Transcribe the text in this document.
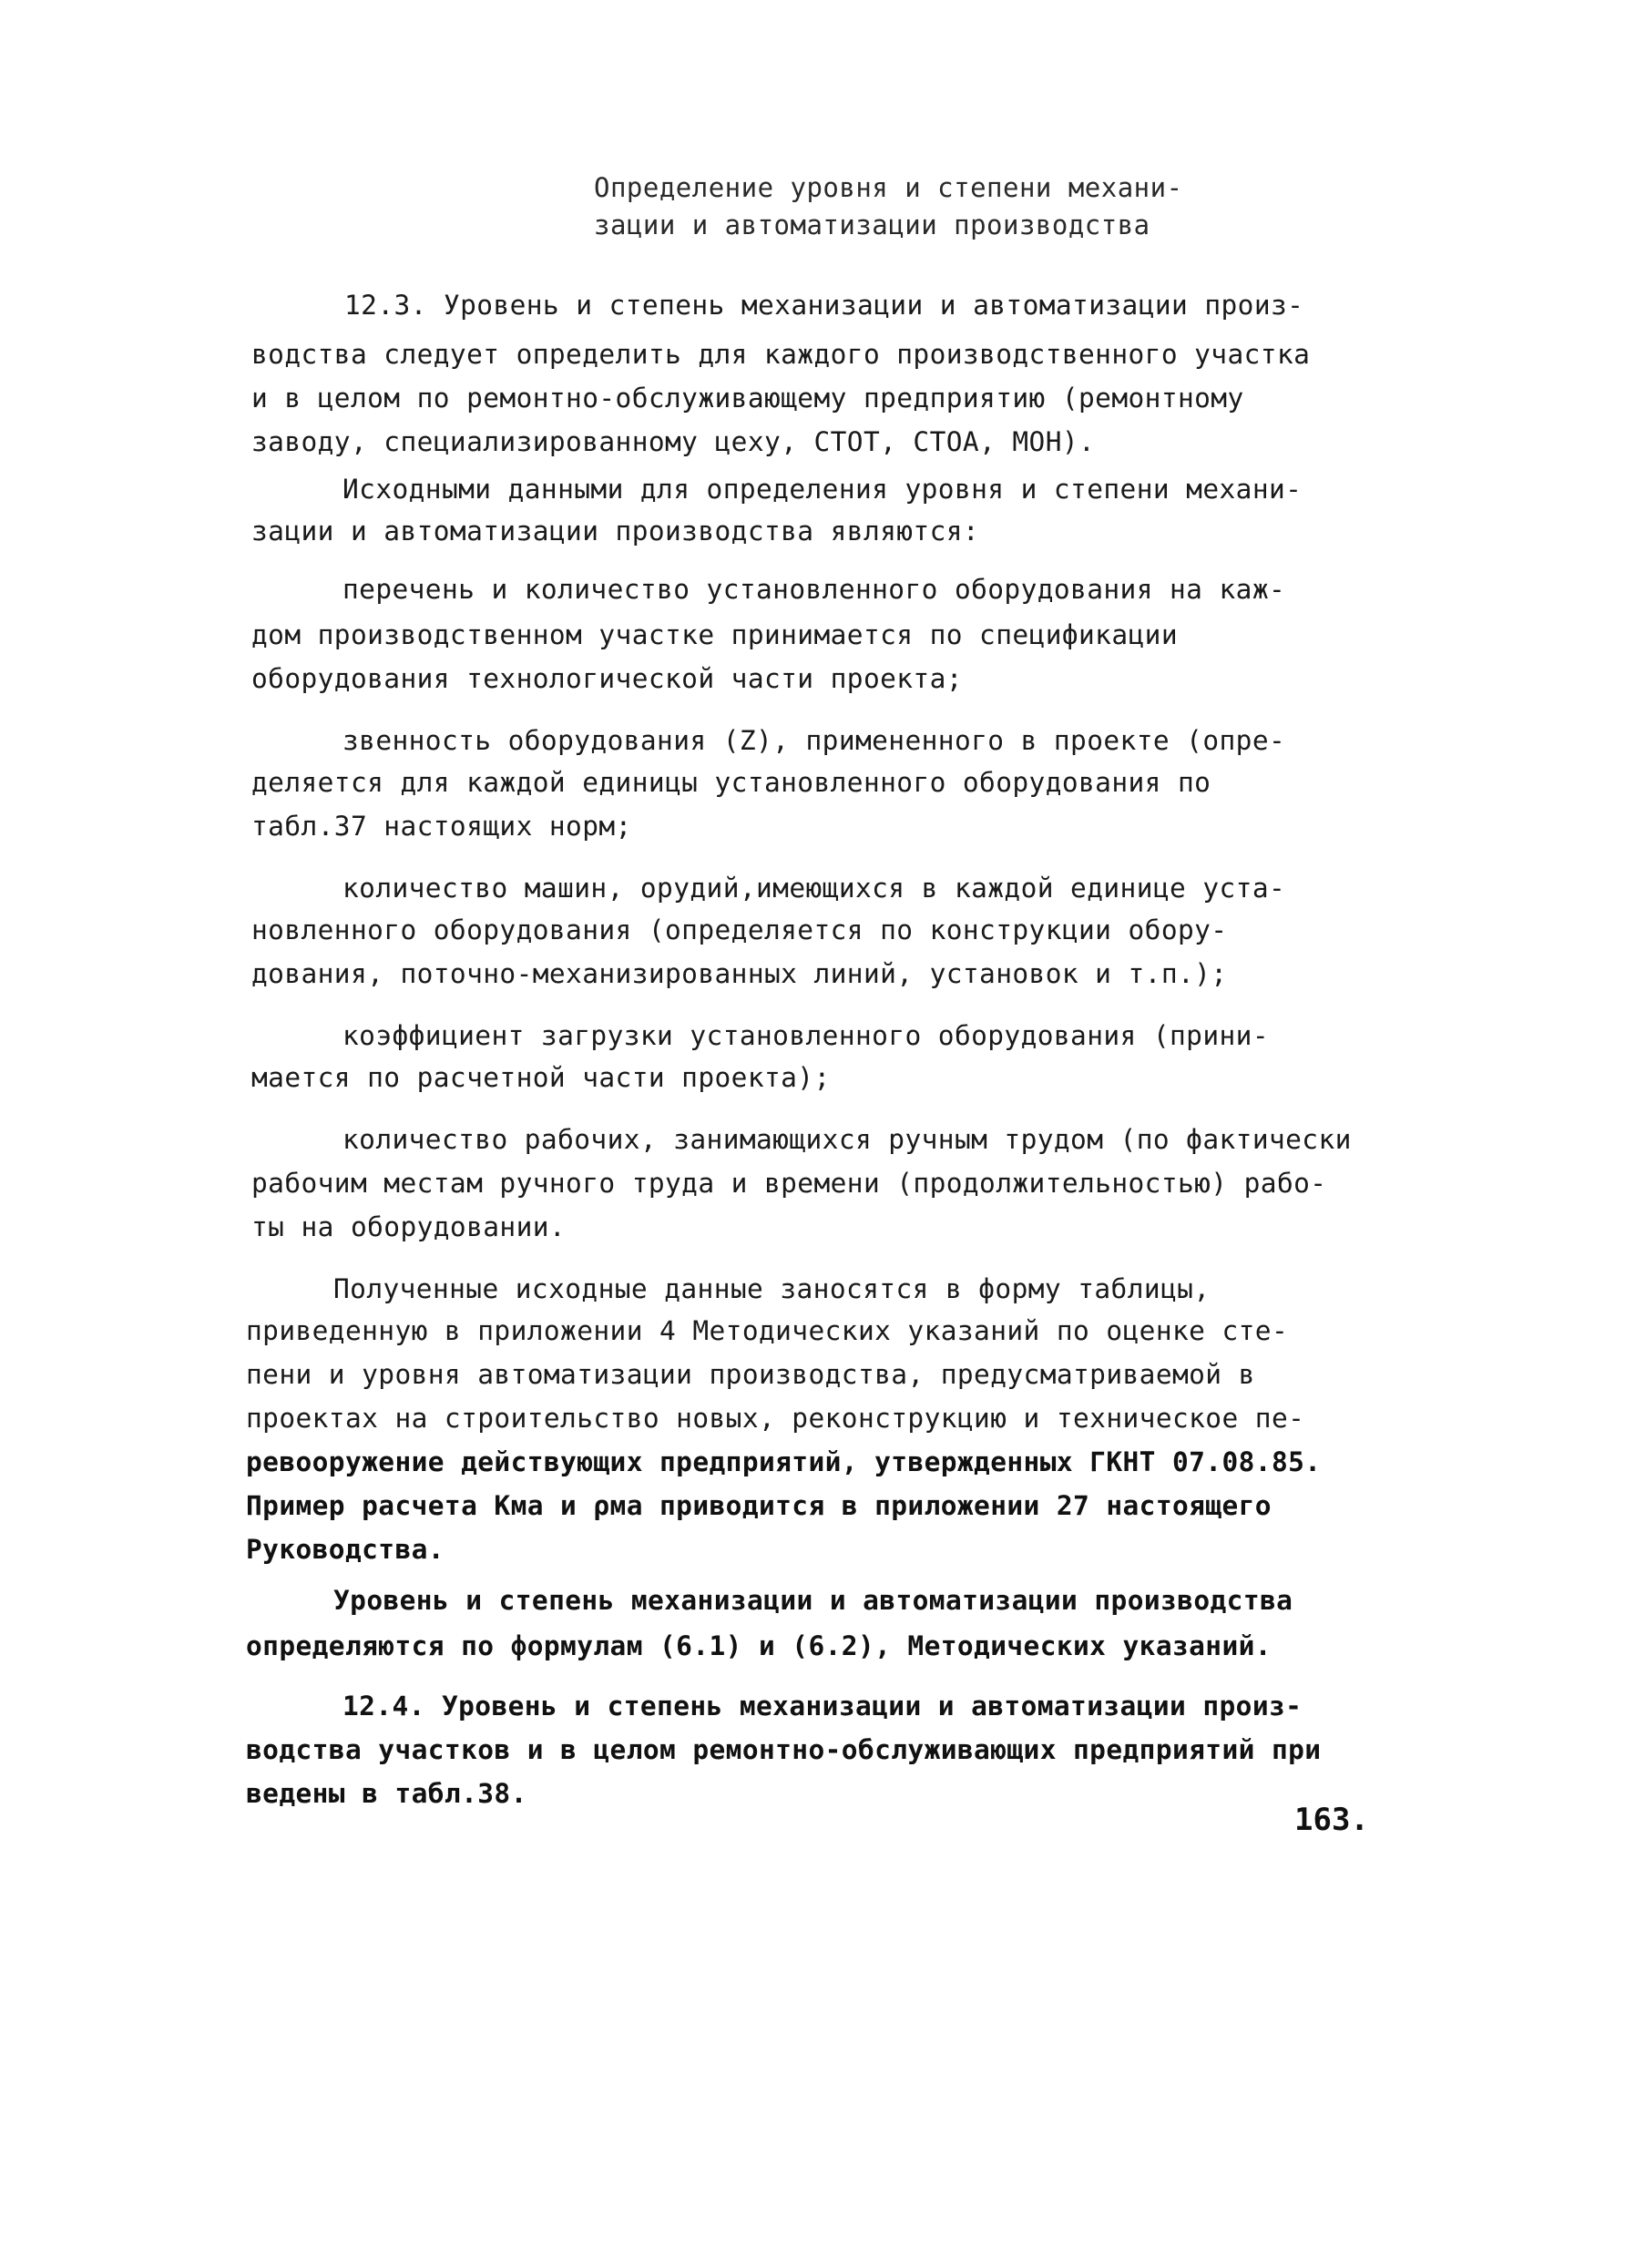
Определение уровня и степени механи-
зации и автоматизации производства
12.3. Уровень и степень механизации и автоматизации произ-
водства следует определить для каждого производственного участка
и в целом по ремонтно-обслуживающему предприятию (ремонтному
заводу, специализированному цеху, СТОТ, СТОА, МОН).
Исходными данными для определения уровня и степени механи-
зации и автоматизации производства являются:
перечень и количество установленного оборудования на каж-
дом производственном участке принимается по спецификации
оборудования технологической части проекта;
звенность оборудования (Z), примененного в проекте (опре-
деляется для каждой единицы установленного оборудования по
табл.37 настоящих норм;
количество машин, орудий,имеющихся в каждой единице уста-
новленного оборудования (определяется по конструкции обору-
дования, поточно-механизированных линий, установок и т.п.);
коэффициент загрузки установленного оборудования (прини-
мается по расчетной части проекта);
количество рабочих, занимающихся ручным трудом (по фактически
рабочим местам ручного труда и времени (продолжительностью) рабо-
ты на оборудовании.
Полученные исходные данные заносятся в форму таблицы,
приведенную в приложении 4 Методических указаний по оценке сте-
пени и уровня автоматизации производства, предусматриваемой в
проектах на строительство новых, реконструкцию и техническое пе-
ревооружение действующих предприятий, утвержденных ГКНТ 07.08.85.
Пример расчета Кма и ρма приводится в приложении 27 настоящего
Руководства.
Уровень и степень механизации и автоматизации производства
определяются по формулам (6.1) и (6.2), Методических указаний.
12.4. Уровень и степень механизации и автоматизации произ-
водства участков и в целом ремонтно-обслуживающих предприятий при
ведены в табл.38.
163.
